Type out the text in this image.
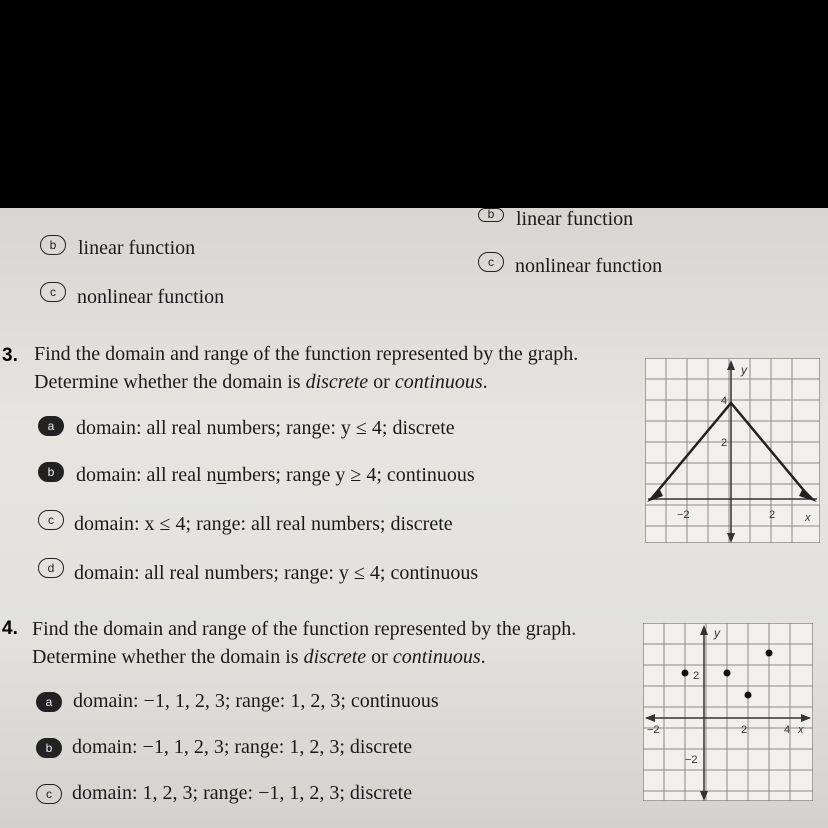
b	linear function
b	linear function
c	nonlinear function
c	nonlinear function
3. Find the domain and range of the function represented by the graph.
Determine whether the domain is discrete or continuous.
a	domain: all real numbers; range: y ≤ 4; discrete
b	domain: all real nu̲mbers; range y ≥ 4; continuous
c	domain: x ≤ 4; range: all real numbers; discrete
d domain: all real numbers; range: y ≤ 4; continuous
y
x
4
2
−2	2
4. Find the domain and range of the function represented by the graph.
Determine whether the domain is discrete or continuous.
a	domain: −1, 1, 2, 3; range: 1, 2, 3; continuous
b domain: −1, 1, 2, 3; range: 1, 2, 3; discrete
c	domain: 1, 2, 3; range: −1, 1, 2, 3; discrete
y
x
2
−2	2	4
−2
